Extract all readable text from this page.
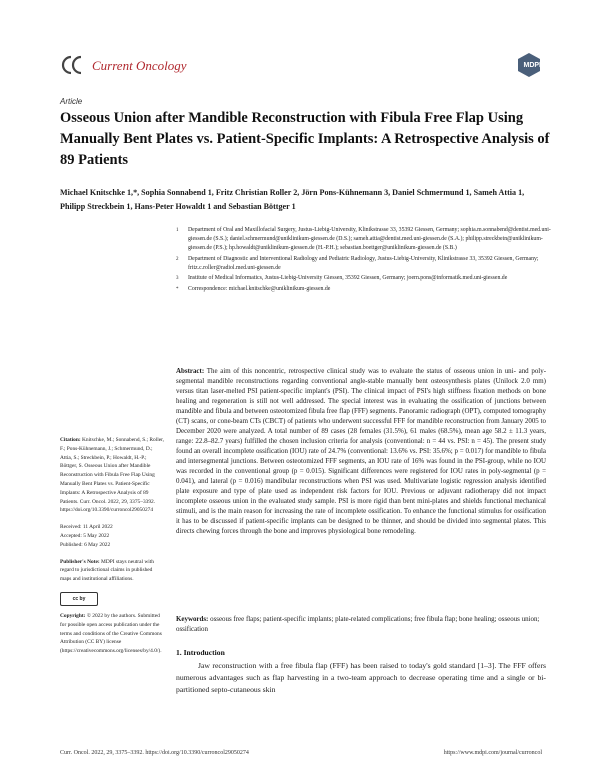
Current Oncology	MDPI
Article
Osseous Union after Mandible Reconstruction with Fibula Free Flap Using Manually Bent Plates vs. Patient-Specific Implants: A Retrospective Analysis of 89 Patients
Michael Knitschke 1,*, Sophia Sonnabend 1, Fritz Christian Roller 2, Jörn Pons-Kühnemann 3, Daniel Schmermund 1, Sameh Attia 1, Philipp Streckbein 1, Hans-Peter Howaldt 1 and Sebastian Böttger 1
1	Department of Oral and Maxillofacial Surgery, Justus-Liebig-University, Klinikstrasse 33, 35392 Giessen, Germany; sophia.m.sonnabend@dentist.med.uni-giessen.de (S.S.); daniel.schmermund@uniklinikum-giessen.de (D.S.); sameh.attia@dentist.med.uni-giessen.de (S.A.); philipp.streckbein@uniklinikum-giessen.de (P.S.); hp.howaldt@uniklinikum-giessen.de (H.-P.H.); sebastian.boettger@uniklinikum-giessen.de (S.B.)
2	Department of Diagnostic and Interventional Radiology and Pediatric Radiology, Justus-Liebig-University, Klinikstrasse 33, 35392 Giessen, Germany; fritz.c.roller@radiol.med.uni-giessen.de
3	Institute of Medical Informatics, Justus-Liebig-University Giessen, 35392 Giessen, Germany; joern.pons@informatik.med.uni-giessen.de
*	Correspondence: michael.knitschke@uniklinikum-giessen.de
Abstract: The aim of this noncentric, retrospective clinical study was to evaluate the status of osseous union in uni- and poly-segmental mandible reconstructions regarding conventional angle-stable manually bent osteosynthesis plates (Unilock 2.0 mm) versus titan laser-melted PSI patient-specific implant's (PSI). The clinical impact of PSI's high stiffness fixation methods on bone healing and regeneration is still not well addressed. The special interest was in evaluating the ossification of junctions between mandible and fibula and between osteotomized fibula free flap (FFF) segments. Panoramic radiograph (OPT), computed tomography (CT) scans, or cone-beam CTs (CBCT) of patients who underwent successful FFF for mandible reconstruction from January 2005 to December 2020 were analyzed. A total number of 89 cases (28 females (31.5%), 61 males (68.5%), mean age 58.2 ± 11.3 years, range: 22.8–82.7 years) fulfilled the chosen inclusion criteria for analysis (conventional: n = 44 vs. PSI: n = 45). The present study found an overall incomplete ossification (IOU) rate of 24.7% (conventional: 13.6% vs. PSI: 35.6%; p = 0.017) for mandible to fibula and intersegmental junctions. Between osteotomized FFF segments, an IOU rate of 16% was found in the PSI-group, while no IOU was recorded in the conventional group (p = 0.015). Significant differences were registered for IOU rates in poly-segmental (p = 0.041), and lateral (p = 0.016) mandibular reconstructions when PSI was used. Multivariate logistic regression analysis identified plate exposure and type of plate used as independent risk factors for IOU. Previous or adjuvant radiotherapy did not impact incomplete osseous union in the evaluated study sample. PSI is more rigid than bent mini-plates and shields functional mechanical stimuli, and is the main reason for increasing the rate of incomplete ossification. To enhance the functional stimulus for ossification it has to be discussed if patient-specific implants can be designed to be thinner, and should be divided into segmental plates. This directs chewing forces through the bone and improves physiological bone remodeling.
Keywords: osseous free flaps; patient-specific implants; plate-related complications; free fibula flap; bone healing; osseous union; ossification
Citation: Knitschke, M.; Sonnabend, S.; Roller, F.; Pons-Kühnemann, J.; Schmermund, D.; Attia, S.; Streckbein, P.; Howaldt, H.-P.; Böttger, S. Osseous Union after Mandible Reconstruction with Fibula Free Flap Using Manually Bent Plates vs. Patient-Specific Implants: A Retrospective Analysis of 89 Patients. Curr. Oncol. 2022, 29, 3375–3392. https://doi.org/10.3390/curroncol29050274
Received: 11 April 2022
Accepted: 5 May 2022
Published: 6 May 2022
Publisher's Note: MDPI stays neutral with regard to jurisdictional claims in published maps and institutional affiliations.
cc by
Copyright: © 2022 by the authors. Submitted for possible open access publication under the terms and conditions of the Creative Commons Attribution (CC BY) license (https://creativecommons.org/licenses/by/4.0/).	1. Introduction
Jaw reconstruction with a free fibula flap (FFF) has been raised to today's gold standard [1–3]. The FFF offers numerous advantages such as flap harvesting in a two-team approach to decrease operating time and a single or bi-partitioned septo-cutaneous skin
Curr. Oncol. 2022, 29, 3375–3392. https://doi.org/10.3390/curroncol29050274	https://www.mdpi.com/journal/curroncol
